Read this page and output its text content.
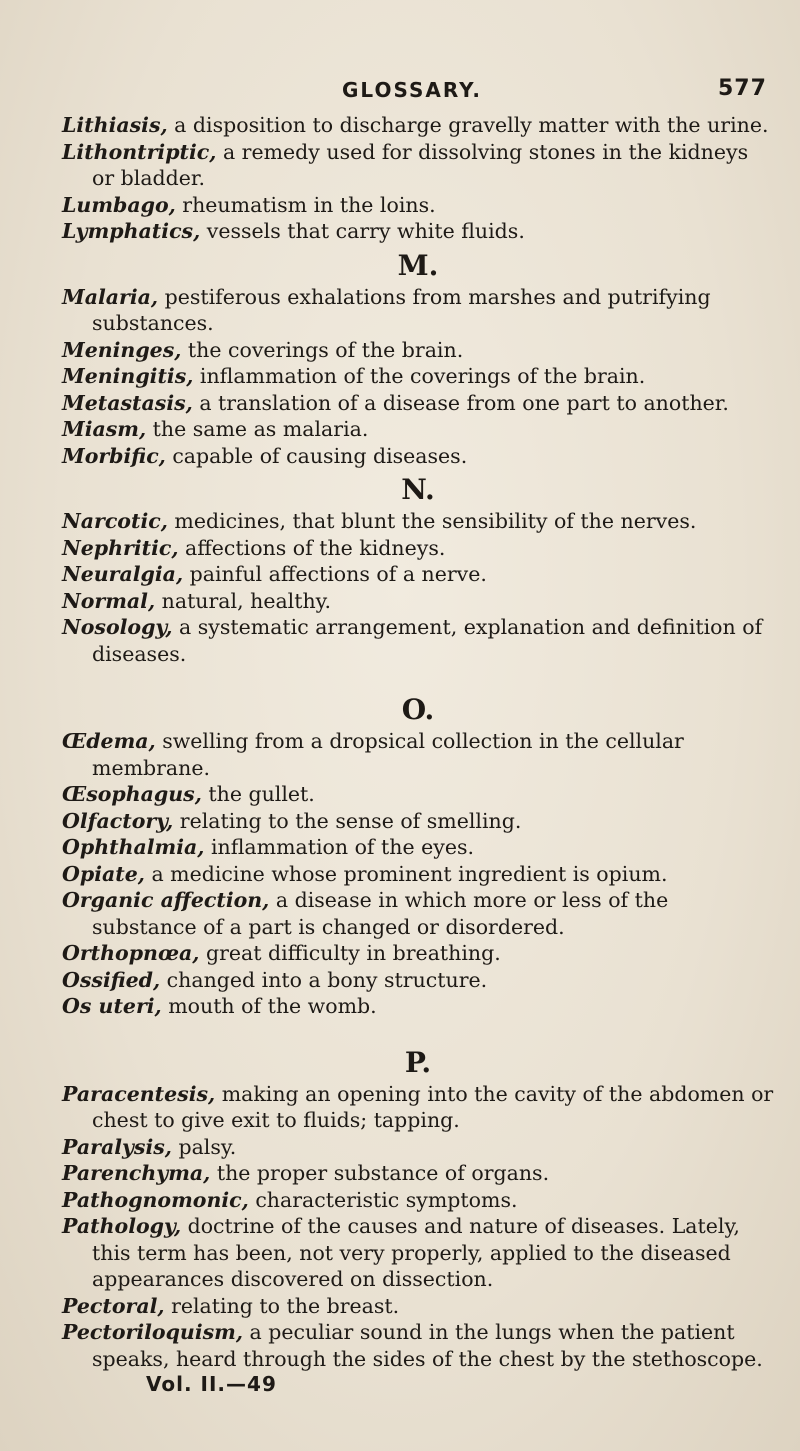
GLOSSARY.	577

Lithiasis, a disposition to discharge gravelly matter with the urine.

Lithontriptic, a remedy used for dissolving stones in the kidneys or bladder.

Lumbago, rheumatism in the loins.

Lymphatics, vessels that carry white fluids.

M.

Malaria, pestiferous exhalations from marshes and putrifying substances.

Meninges, the coverings of the brain.

Meningitis, inflammation of the coverings of the brain.

Metastasis, a translation of a disease from one part to another.

Miasm, the same as malaria.

Morbific, capable of causing diseases.

N.

Narcotic, medicines, that blunt the sensibility of the nerves.

Nephritic, affections of the kidneys.

Neuralgia, painful affections of a nerve.

Normal, natural, healthy.

Nosology, a systematic arrangement, explanation and definition of diseases.

O.

Œdema, swelling from a dropsical collection in the cellular membrane.

Œsophagus, the gullet.

Olfactory, relating to the sense of smelling.

Ophthalmia, inflammation of the eyes.

Opiate, a medicine whose prominent ingredient is opium.

Organic affection, a disease in which more or less of the substance of a part is changed or disordered.

Orthopnœa, great difficulty in breathing.

Ossified, changed into a bony structure.

Os uteri, mouth of the womb.

P.

Paracentesis, making an opening into the cavity of the abdomen or chest to give exit to fluids; tapping.

Paralysis, palsy.

Parenchyma, the proper substance of organs.

Pathognomonic, characteristic symptoms.

Pathology, doctrine of the causes and nature of diseases. Lately, this term has been, not very properly, applied to the diseased appearances discovered on dissection.

Pectoral, relating to the breast.

Pectoriloquism, a peculiar sound in the lungs when the patient speaks, heard through the sides of the chest by the stethoscope.

Vol. II.—49
